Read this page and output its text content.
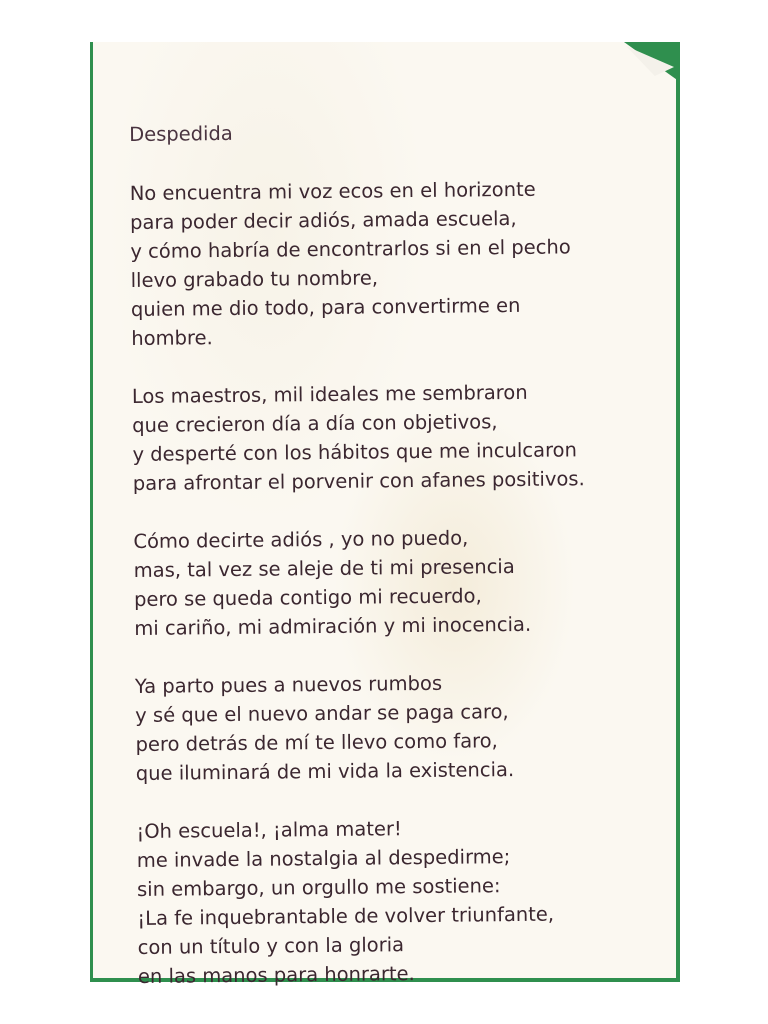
Despedida
No encuentra mi voz ecos en el horizonte
para poder decir adiós, amada escuela,
y cómo habría de encontrarlos si en el pecho
llevo grabado tu nombre,
quien me dio todo, para convertirme en
hombre.
Los maestros, mil ideales me sembraron
que crecieron día a día con objetivos,
y desperté con los hábitos que me inculcaron
para afrontar el porvenir con afanes positivos.
Cómo decirte adiós , yo no puedo,
mas, tal vez se aleje de ti mi presencia
pero se queda contigo mi recuerdo,
mi cariño, mi admiración y mi inocencia.
Ya parto pues a nuevos rumbos
y sé que el nuevo andar se paga caro,
pero detrás de mí te llevo como faro,
que iluminará de mi vida la existencia.
¡Oh escuela!, ¡alma mater!
me invade la nostalgia al despedirme;
sin embargo, un orgullo me sostiene:
¡La fe inquebrantable de volver triunfante,
con un título y con la gloria
en las manos para honrarte.
